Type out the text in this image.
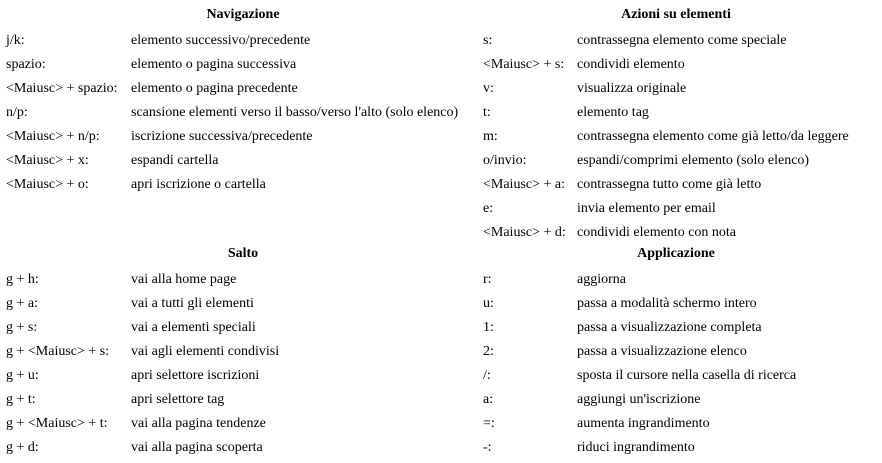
Navigazione
j/k:	elemento successivo/precedente
spazio:	elemento o pagina successiva
<Maiusc> + spazio: elemento o pagina precedente
n/p:	scansione elementi verso il basso/verso l'alto (solo elenco)
<Maiusc> + n/p: iscrizione successiva/precedente
<Maiusc> + x:	espandi cartella
<Maiusc> + o:	apri iscrizione o cartella
Azioni su elementi
s:	contrassegna elemento come speciale
<Maiusc> + s: condividi elemento
v:	visualizza originale
t:	elemento tag
m:	contrassegna elemento come già letto/da leggere
o/invio:	espandi/comprimi elemento (solo elenco)
<Maiusc> + a: contrassegna tutto come già letto
e:	invia elemento per email
<Maiusc> + d: condividi elemento con nota
Salto
g + h:	vai alla home page
g + a:	vai a tutti gli elementi
g + s:	vai a elementi speciali
g + <Maiusc> + s: vai agli elementi condivisi
g + u:	apri selettore iscrizioni
g + t:	apri selettore tag
g + <Maiusc> + t: vai alla pagina tendenze
g + d:	vai alla pagina scoperta
Applicazione
r:	aggiorna
u:	passa a modalità schermo intero
1:	passa a visualizzazione completa
2:	passa a visualizzazione elenco
/:	sposta il cursore nella casella di ricerca
a:	aggiungi un'iscrizione
=:	aumenta ingrandimento
-:	riduci ingrandimento
